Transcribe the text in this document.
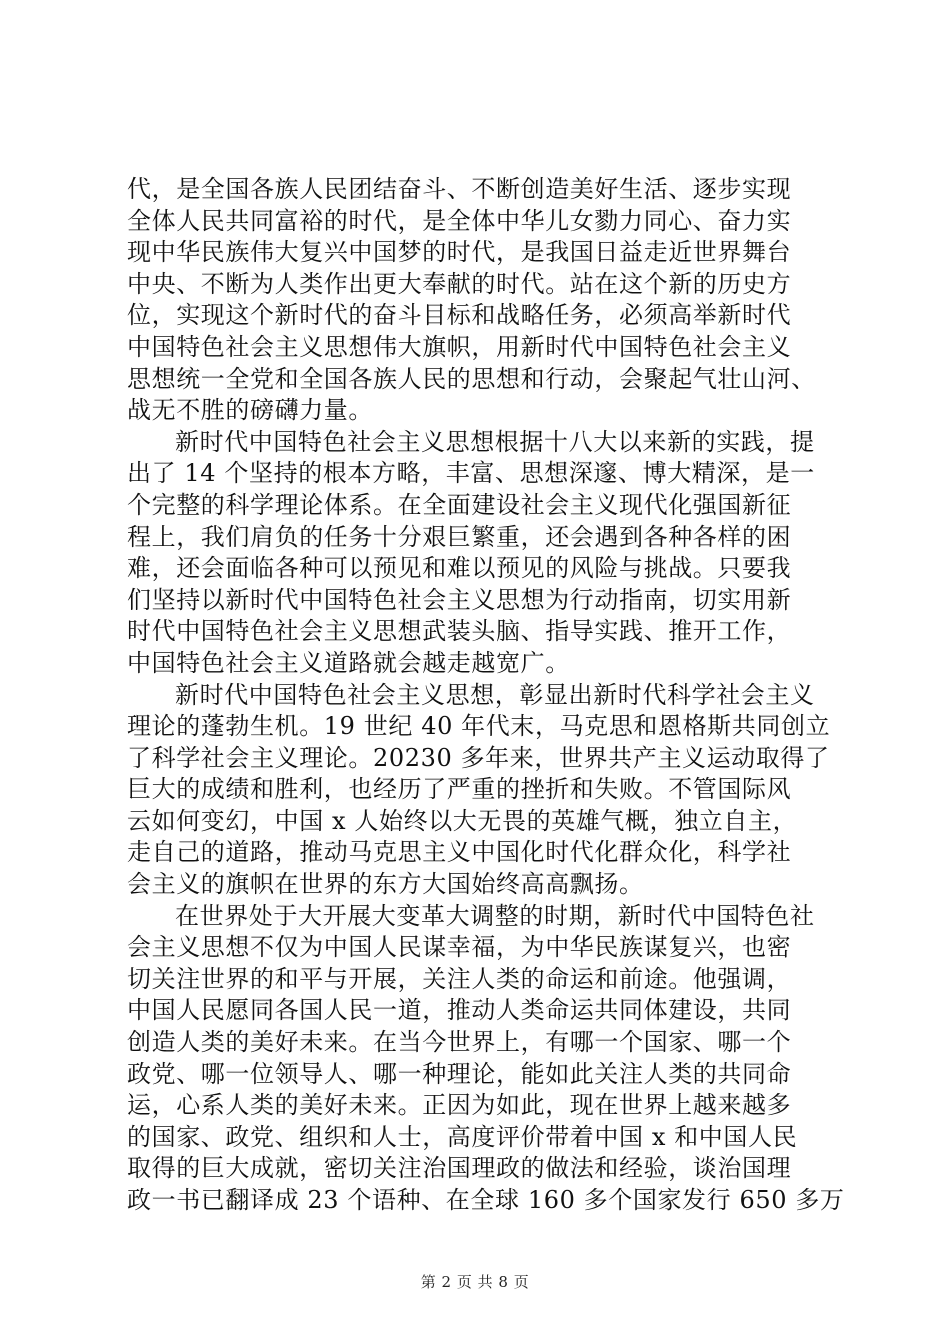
代，是全国各族人民团结奋斗、不断创造美好生活、逐步实现
全体人民共同富裕的时代，是全体中华儿女勠力同心、奋力实
现中华民族伟大复兴中国梦的时代，是我国日益走近世界舞台
中央、不断为人类作出更大奉献的时代。站在这个新的历史方
位，实现这个新时代的奋斗目标和战略任务，必须高举新时代
中国特色社会主义思想伟大旗帜，用新时代中国特色社会主义
思想统一全党和全国各族人民的思想和行动，会聚起气壮山河、
战无不胜的磅礴力量。
新时代中国特色社会主义思想根据十八大以来新的实践，提
出了 14 个坚持的根本方略，丰富、思想深邃、博大精深，是一
个完整的科学理论体系。在全面建设社会主义现代化强国新征
程上，我们肩负的任务十分艰巨繁重，还会遇到各种各样的困
难，还会面临各种可以预见和难以预见的风险与挑战。只要我
们坚持以新时代中国特色社会主义思想为行动指南，切实用新
时代中国特色社会主义思想武装头脑、指导实践、推开工作，
中国特色社会主义道路就会越走越宽广。
新时代中国特色社会主义思想，彰显出新时代科学社会主义
理论的蓬勃生机。19 世纪 40 年代末，马克思和恩格斯共同创立
了科学社会主义理论。20230 多年来，世界共产主义运动取得了
巨大的成绩和胜利，也经历了严重的挫折和失败。不管国际风
云如何变幻，中国 x 人始终以大无畏的英雄气概，独立自主，
走自己的道路，推动马克思主义中国化时代化群众化，科学社
会主义的旗帜在世界的东方大国始终高高飘扬。
在世界处于大开展大变革大调整的时期，新时代中国特色社
会主义思想不仅为中国人民谋幸福，为中华民族谋复兴，也密
切关注世界的和平与开展，关注人类的命运和前途。他强调，
中国人民愿同各国人民一道，推动人类命运共同体建设，共同
创造人类的美好未来。在当今世界上，有哪一个国家、哪一个
政党、哪一位领导人、哪一种理论，能如此关注人类的共同命
运，心系人类的美好未来。正因为如此，现在世界上越来越多
的国家、政党、组织和人士，高度评价带着中国 x 和中国人民
取得的巨大成就，密切关注治国理政的做法和经验，谈治国理
政一书已翻译成 23 个语种、在全球 160 多个国家发行 650 多万
第 2 页 共 8 页
